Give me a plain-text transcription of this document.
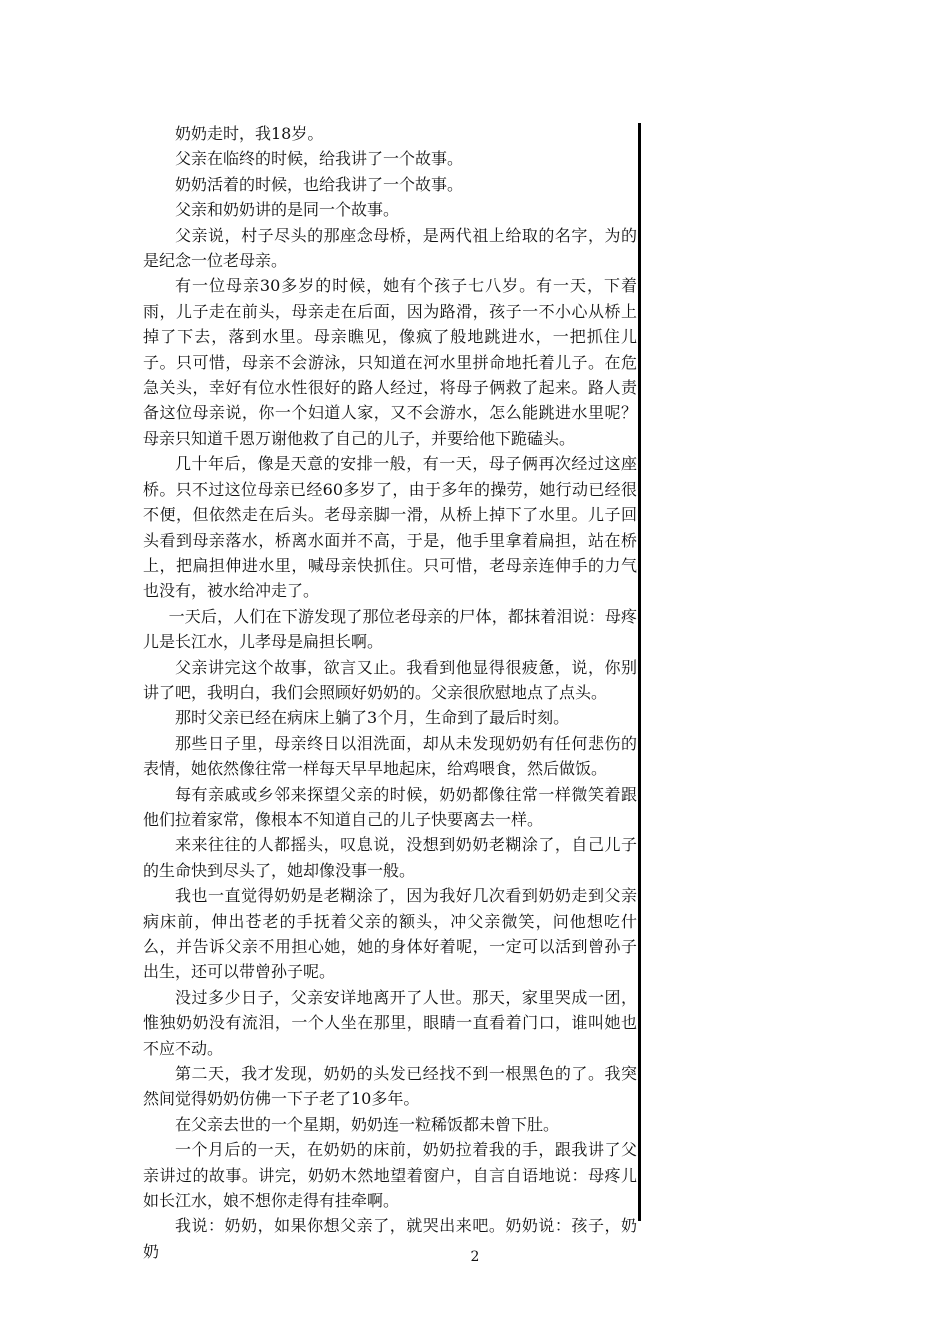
奶奶走时，我18岁。

父亲在临终的时候，给我讲了一个故事。

奶奶活着的时候，也给我讲了一个故事。

父亲和奶奶讲的是同一个故事。

父亲说，村子尽头的那座念母桥，是两代祖上给取的名字，为的是纪念一位老母亲。

有一位母亲30多岁的时候，她有个孩子七八岁。有一天，下着雨，儿子走在前头，母亲走在后面，因为路滑，孩子一不小心从桥上掉了下去，落到水里。母亲瞧见，像疯了般地跳进水，一把抓住儿子。只可惜，母亲不会游泳，只知道在河水里拼命地托着儿子。在危急关头，幸好有位水性很好的路人经过，将母子俩救了起来。路人责备这位母亲说，你一个妇道人家，又不会游水，怎么能跳进水里呢？母亲只知道千恩万谢他救了自己的儿子，并要给他下跪磕头。

几十年后，像是天意的安排一般，有一天，母子俩再次经过这座桥。只不过这位母亲已经60多岁了，由于多年的操劳，她行动已经很不便，但依然走在后头。老母亲脚一滑，从桥上掉下了水里。儿子回头看到母亲落水，桥离水面并不高，于是，他手里拿着扁担，站在桥上，把扁担伸进水里，喊母亲快抓住。只可惜，老母亲连伸手的力气也没有，被水给冲走了。

一天后，人们在下游发现了那位老母亲的尸体，都抹着泪说：母疼儿是长江水，儿孝母是扁担长啊。

父亲讲完这个故事，欲言又止。我看到他显得很疲惫，说，你别讲了吧，我明白，我们会照顾好奶奶的。父亲很欣慰地点了点头。

那时父亲已经在病床上躺了3个月，生命到了最后时刻。

那些日子里，母亲终日以泪洗面，却从未发现奶奶有任何悲伤的表情，她依然像往常一样每天早早地起床，给鸡喂食，然后做饭。

每有亲戚或乡邻来探望父亲的时候，奶奶都像往常一样微笑着跟他们拉着家常，像根本不知道自己的儿子快要离去一样。

来来往往的人都摇头，叹息说，没想到奶奶老糊涂了，自己儿子的生命快到尽头了，她却像没事一般。

我也一直觉得奶奶是老糊涂了，因为我好几次看到奶奶走到父亲病床前，伸出苍老的手抚着父亲的额头，冲父亲微笑，问他想吃什么，并告诉父亲不用担心她，她的身体好着呢，一定可以活到曾孙子出生，还可以带曾孙子呢。

没过多少日子，父亲安详地离开了人世。那天，家里哭成一团，惟独奶奶没有流泪，一个人坐在那里，眼睛一直看着门口，谁叫她也不应不动。

第二天，我才发现，奶奶的头发已经找不到一根黑色的了。我突然间觉得奶奶仿佛一下子老了10多年。

在父亲去世的一个星期，奶奶连一粒稀饭都未曾下肚。

一个月后的一天，在奶奶的床前，奶奶拉着我的手，跟我讲了父亲讲过的故事。讲完，奶奶木然地望着窗户，自言自语地说：母疼儿如长江水，娘不想你走得有挂牵啊。

我说：奶奶，如果你想父亲了，就哭出来吧。奶奶说：孩子，奶奶	2
